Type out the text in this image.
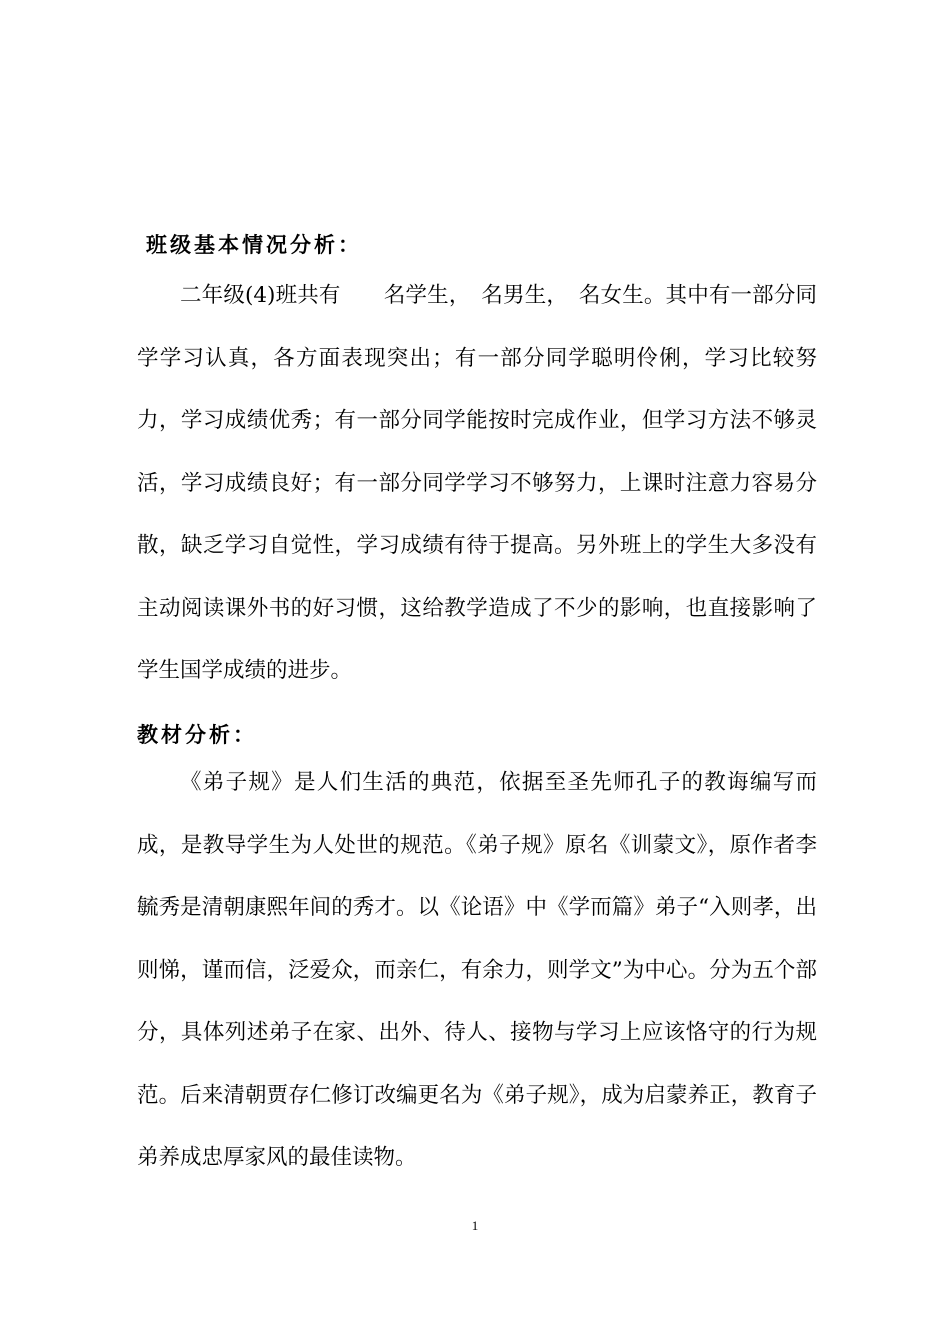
班级基本情况分析：

二年级(4)班共有　　名学生，　名男生，　名女生。其中有一部分同学学习认真，各方面表现突出；有一部分同学聪明伶俐，学习比较努力，学习成绩优秀；有一部分同学能按时完成作业，但学习方法不够灵活，学习成绩良好；有一部分同学学习不够努力，上课时注意力容易分散，缺乏学习自觉性，学习成绩有待于提高。另外班上的学生大多没有主动阅读课外书的好习惯，这给教学造成了不少的影响，也直接影响了学生国学成绩的进步。

教材分析：

《弟子规》是人们生活的典范，依据至圣先师孔子的教诲编写而成，是教导学生为人处世的规范。《弟子规》原名《训蒙文》，原作者李毓秀是清朝康熙年间的秀才。以《论语》中《学而篇》弟子“入则孝，出则悌，谨而信，泛爱众，而亲仁，有余力，则学文”为中心。分为五个部分，具体列述弟子在家、出外、待人、接物与学习上应该恪守的行为规范。后来清朝贾存仁修订改编更名为《弟子规》，成为启蒙养正，教育子弟养成忠厚家风的最佳读物。

1
